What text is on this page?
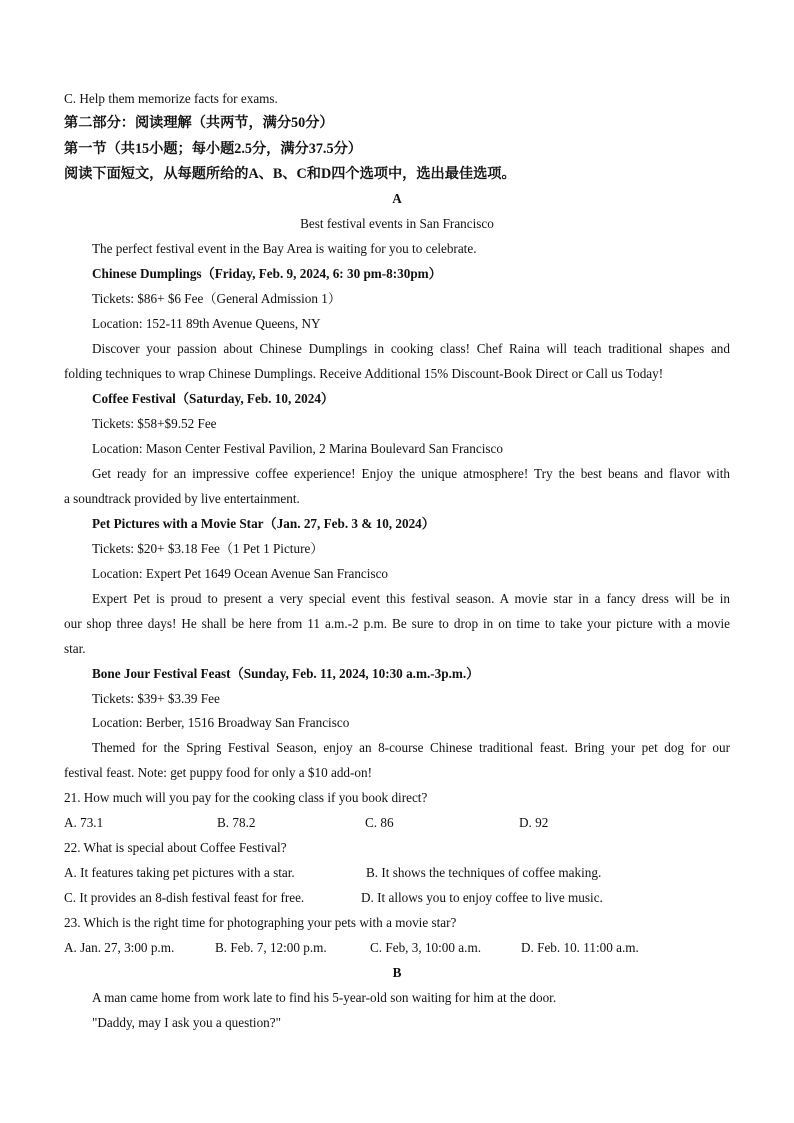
C. Help them memorize facts for exams.
第二部分：阅读理解（共两节，满分50分）
第一节（共15小题；每小题2.5分，满分37.5分）
阅读下面短文，从每题所给的A、B、C和D四个选项中，选出最佳选项。
A
Best festival events in San Francisco
The perfect festival event in the Bay Area is waiting for you to celebrate.
Chinese Dumplings（Friday, Feb. 9, 2024, 6: 30 pm-8:30pm）
Tickets: $86+ $6 Fee（General Admission 1）
Location: 152-11 89th Avenue Queens, NY
Discover your passion about Chinese Dumplings in cooking class! Chef Raina will teach traditional shapes and
folding techniques to wrap Chinese Dumplings. Receive Additional 15% Discount-Book Direct or Call us Today!
Coffee Festival（Saturday, Feb. 10, 2024）
Tickets: $58+$9.52 Fee
Location: Mason Center Festival Pavilion, 2 Marina Boulevard San Francisco
Get ready for an impressive coffee experience! Enjoy the unique atmosphere! Try the best beans and flavor with
a soundtrack provided by live entertainment.
Pet Pictures with a Movie Star（Jan. 27, Feb. 3 & 10, 2024）
Tickets: $20+ $3.18 Fee（1 Pet 1 Picture）
Location: Expert Pet 1649 Ocean Avenue San Francisco
Expert Pet is proud to present a very special event this festival season. A movie star in a fancy dress will be in
our shop three days! He shall be here from 11 a.m.-2 p.m. Be sure to drop in on time to take your picture with a movie
star.
Bone Jour Festival Feast（Sunday, Feb. 11, 2024, 10:30 a.m.-3p.m.）
Tickets: $39+ $3.39 Fee
Location: Berber, 1516 Broadway San Francisco
Themed for the Spring Festival Season, enjoy an 8-course Chinese traditional feast. Bring your pet dog for our
festival feast. Note: get puppy food for only a $10 add-on!
21. How much will you pay for the cooking class if you book direct?
A. 73.1	B. 78.2	C. 86	D. 92
22. What is special about Coffee Festival?
A. It features taking pet pictures with a star.	B. It shows the techniques of coffee making.
C. It provides an 8-dish festival feast for free.	D. It allows you to enjoy coffee to live music.
23. Which is the right time for photographing your pets with a movie star?
A. Jan. 27, 3:00 p.m.	B. Feb. 7, 12:00 p.m.	C. Feb, 3, 10:00 a.m.	D. Feb. 10. 11:00 a.m.
B
A man came home from work late to find his 5-year-old son waiting for him at the door.
"Daddy, may I ask you a question?"
